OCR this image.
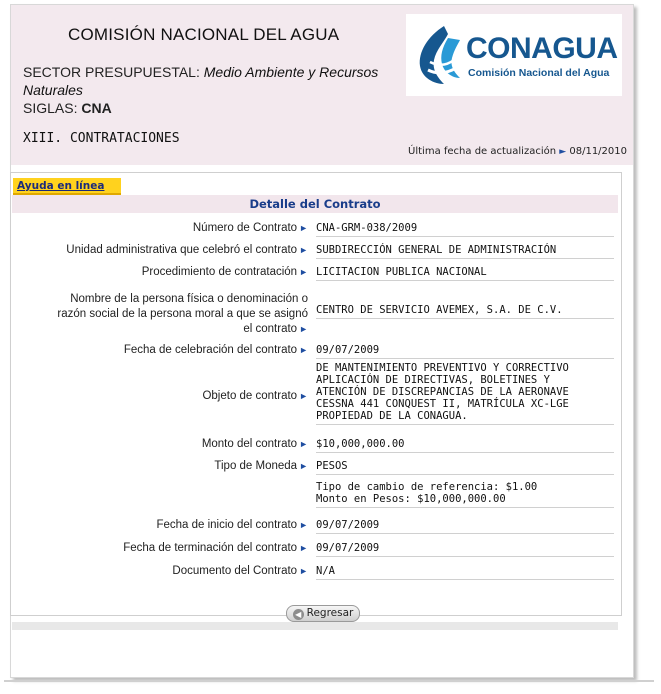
COMISIÓN NACIONAL DEL AGUA
SECTOR PRESUPUESTAL: Medio Ambiente y Recursos Naturales
SIGLAS: CNA
XIII. CONTRATACIONES
Última fecha de actualización ► 08/11/2010
CONAGUA
Comisión Nacional del Agua
Ayuda en línea
Detalle del Contrato
Número de Contrato ► CNA-GRM-038/2009
Unidad administrativa que celebró el contrato ► SUBDIRECCIÓN GENERAL DE ADMINISTRACIÓN
Procedimiento de contratación ► LICITACION PUBLICA NACIONAL
Nombre de la persona física o denominación o
razón social de la persona moral a que se asignó
el contrato ►
CENTRO DE SERVICIO AVEMEX, S.A. DE C.V.
Fecha de celebración del contrato ► 09/07/2009
Objeto de contrato ►
DE MANTENIMIENTO PREVENTIVO Y CORRECTIVO
APLICACIÓN DE DIRECTIVAS, BOLETINES Y
ATENCIÓN DE DISCREPANCIAS DE LA AERONAVE
CESSNA 441 CONQUEST II, MATRÍCULA XC-LGE
PROPIEDAD DE LA CONAGUA.
Monto del contrato ► $10,000,000.00
Tipo de Moneda ► PESOS
Tipo de cambio de referencia: $1.00
Monto en Pesos: $10,000,000.00
Fecha de inicio del contrato ► 09/07/2009
Fecha de terminación del contrato ► 09/07/2009
Documento del Contrato ► N/A
◀ Regresar
